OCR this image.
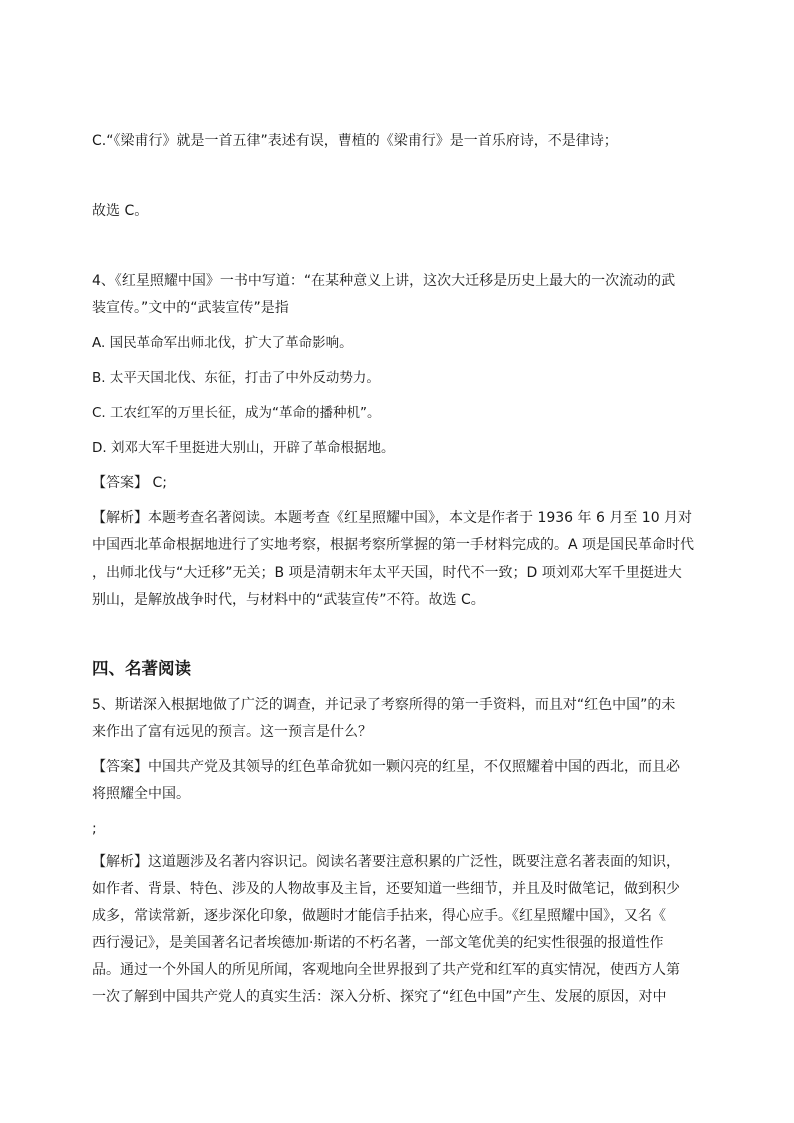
C.“《梁甫行》就是一首五律”表述有误，曹植的《梁甫行》是一首乐府诗，不是律诗；
故选 C。
4、《红星照耀中国》一书中写道：“在某种意义上讲，这次大迁移是历史上最大的一次流动的武
装宣传。”文中的“武装宣传”是指
A. 国民革命军出师北伐，扩大了革命影响。
B. 太平天国北伐、东征，打击了中外反动势力。
C. 工农红军的万里长征，成为“革命的播种机”。
D. 刘邓大军千里挺进大别山，开辟了革命根据地。
【答案】 C;
【解析】本题考查名著阅读。本题考查《红星照耀中国》，本文是作者于 1936 年 6 月至 10 月对
中国西北革命根据地进行了实地考察，根据考察所掌握的第一手材料完成的。A 项是国民革命时代
，出师北伐与“大迁移”无关；B 项是清朝末年太平天国，时代不一致；D 项刘邓大军千里挺进大
别山，是解放战争时代，与材料中的“武装宣传”不符。故选 C。
四、名著阅读
5、斯诺深入根据地做了广泛的调查，并记录了考察所得的第一手资料，而且对“红色中国”的未
来作出了富有远见的预言。这一预言是什么？
【答案】中国共产党及其领导的红色革命犹如一颗闪亮的红星，不仅照耀着中国的西北，而且必
将照耀全中国。
;
【解析】这道题涉及名著内容识记。阅读名著要注意积累的广泛性，既要注意名著表面的知识，
如作者、背景、特色、涉及的人物故事及主旨，还要知道一些细节，并且及时做笔记，做到积少
成多，常读常新，逐步深化印象，做题时才能信手拈来，得心应手。《红星照耀中国》，又名《
西行漫记》，是美国著名记者埃德加·斯诺的不朽名著，一部文笔优美的纪实性很强的报道性作
品。通过一个外国人的所见所闻，客观地向全世界报到了共产党和红军的真实情况，使西方人第
一次了解到中国共产党人的真实生活：深入分析、探究了“红色中国”产生、发展的原因，对中
